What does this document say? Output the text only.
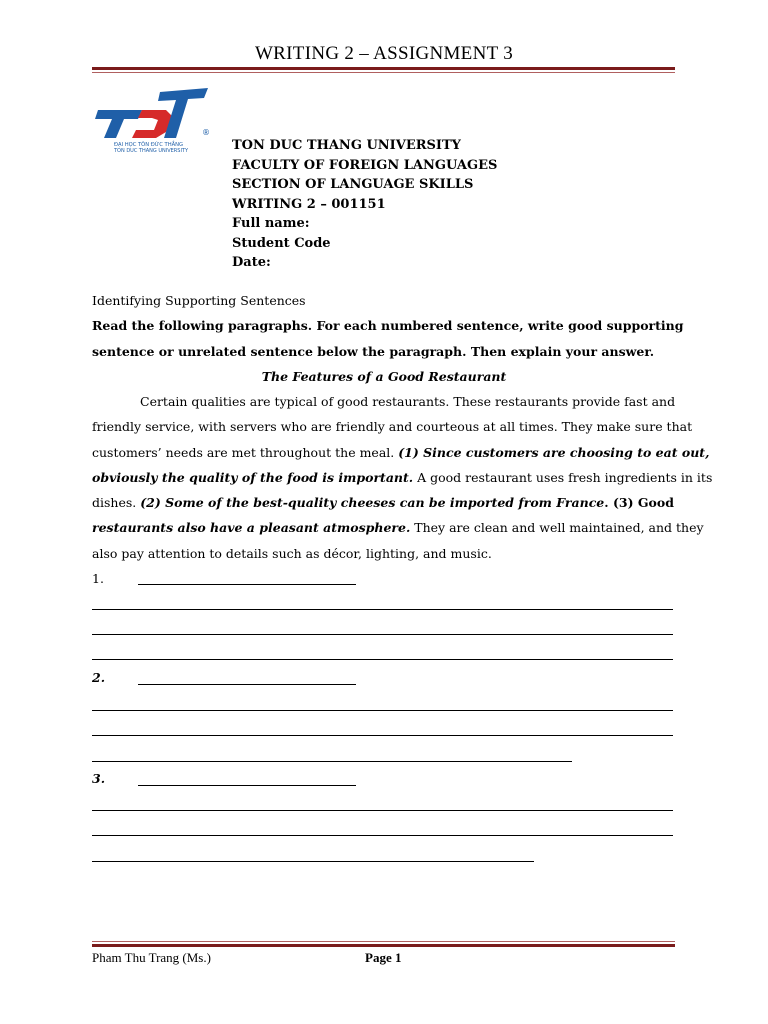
WRITING 2 – ASSIGNMENT 3
®
ĐẠI HỌC TÔN ĐỨC THẮNG
TON DUC THANG UNIVERSITY	TON DUC THANG UNIVERSITY
FACULTY OF FOREIGN LANGUAGES
SECTION OF LANGUAGE SKILLS
WRITING 2 – 001151
Full name:
Student Code
Date:
Identifying Supporting Sentences
Read the following paragraphs. For each numbered sentence, write good supporting
sentence or unrelated sentence below the paragraph. Then explain your answer.
The Features of a Good Restaurant
Certain qualities are typical of good restaurants. These restaurants provide fast and
friendly service, with servers who are friendly and courteous at all times. They make sure that
customers’ needs are met throughout the meal. (1) Since customers are choosing to eat out,
obviously the quality of the food is important. A good restaurant uses fresh ingredients in its
dishes. (2) Some of the best-quality cheeses can be imported from France. (3) Good
restaurants also have a pleasant atmosphere. They are clean and well maintained, and they
also pay attention to details such as décor, lighting, and music.
1.
2.
3.
Pham Thu Trang (Ms.)	Page 1
